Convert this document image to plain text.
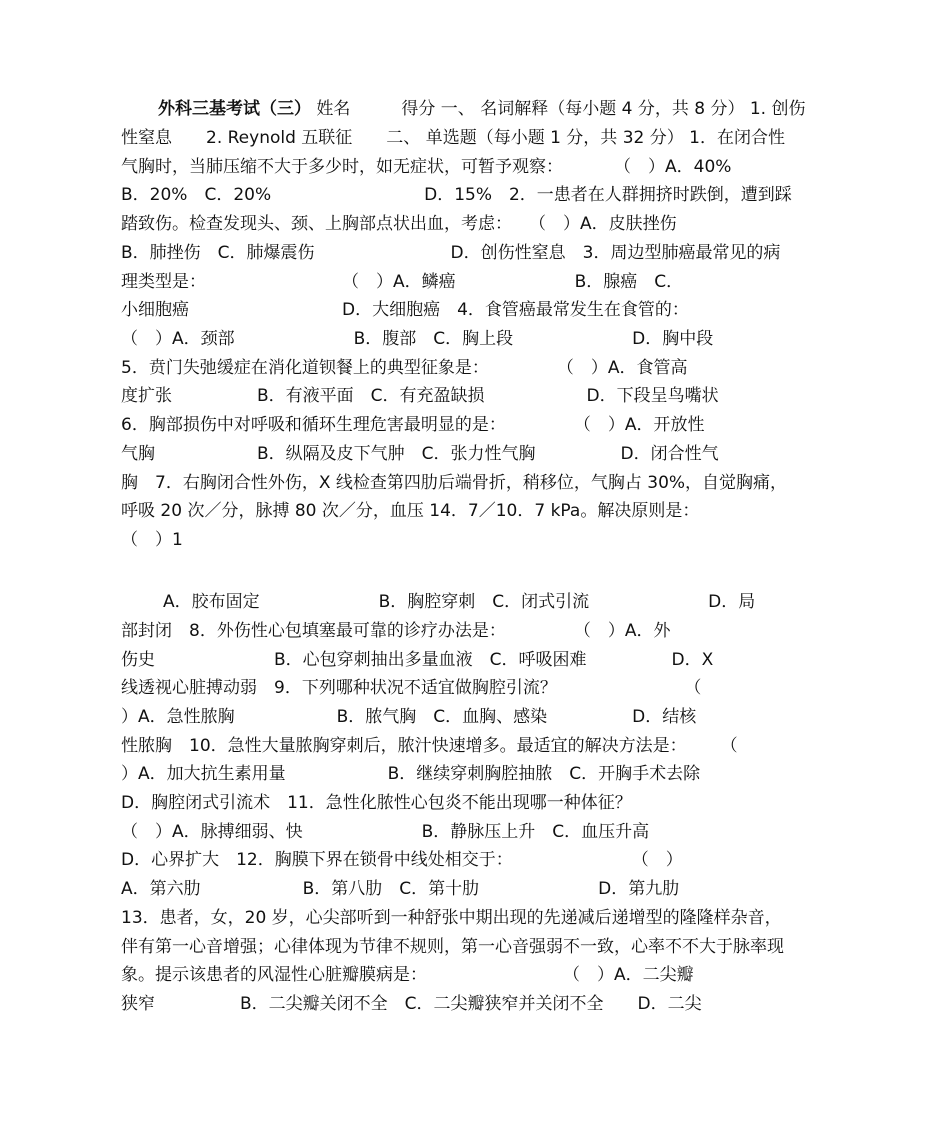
外科三基考试（三） 姓名　　　得分 一、 名词解释（每小题 4 分，共 8 分） 1. 创伤
性窒息　　2. Reynold 五联征　　二、 单选题（每小题 1 分，共 32 分） 1．在闭合性
气胸时，当肺压缩不大于多少时，如无症状，可暂予观察：　　　　（　）A．40%
B．20%　C．20%　　　　　　　　　D．15%　2．一患者在人群拥挤时跌倒，遭到踩
踏致伤。检查发现头、颈、上胸部点状出血，考虑：　　（　）A．皮肤挫伤
B．肺挫伤　C．肺爆震伤　　　　　　　　D．创伤性窒息　3．周边型肺癌最常见的病
理类型是：　　　　　　　　　（　）A．鳞癌　　　　　　　B．腺癌　C．
小细胞癌　　　　　　　　　D．大细胞癌　4．食管癌最常发生在食管的：
（　）A．颈部　　　　　　　B．腹部　C．胸上段　　　　　　　D．胸中段
5．贲门失弛缓症在消化道钡餐上的典型征象是：　　　　　（　）A．食管高
度扩张　　　　　B．有液平面　C．有充盈缺损　　　　　　D．下段呈鸟嘴状
6．胸部损伤中对呼吸和循环生理危害最明显的是：　　　　　（　）A．开放性
气胸　　　　　　B．纵隔及皮下气肿　C．张力性气胸　　　　　D．闭合性气
胸　7．右胸闭合性外伤，X 线检查第四肋后端骨折，稍移位，气胸占 30%，自觉胸痛，
呼吸 20 次／分，脉搏 80 次／分，血压 14．7／10．7 kPa。解决原则是：
（　）1
A．胶布固定　　　　　　　B．胸腔穿刺　C．闭式引流　　　　　　　D．局
部封闭　8．外伤性心包填塞最可靠的诊疗办法是：　　　　　（　）A．外
伤史　　　　　　　B．心包穿刺抽出多量血液　C．呼吸困难　　　　　D．X
线透视心脏搏动弱　9．下列哪种状况不适宜做胸腔引流？　　　　　　　　（
）A．急性脓胸　　　　　　B．脓气胸　C．血胸、感染　　　　　D．结核
性脓胸　10．急性大量脓胸穿刺后，脓汁快速增多。最适宜的解决方法是：　　　（
）A．加大抗生素用量　　　　　　B．继续穿刺胸腔抽脓　C．开胸手术去除
D．胸腔闭式引流术　11．急性化脓性心包炎不能出现哪一种体征？
（　）A．脉搏细弱、快　　　　　　　B．静脉压上升　C．血压升高
D．心界扩大　12．胸膜下界在锁骨中线处相交于：　　　　　　　　（　）
A．第六肋　　　　　　B．第八肋　C．第十肋　　　　　　　D．第九肋
13．患者，女，20 岁，心尖部听到一种舒张中期出现的先递减后递增型的隆隆样杂音，
伴有第一心音增强；心律体现为节律不规则，第一心音强弱不一致，心率不不大于脉率现
象。提示该患者的风湿性心脏瓣膜病是：　　　　　　　　　（　）A．二尖瓣
狭窄　　　　　B．二尖瓣关闭不全　C．二尖瓣狭窄并关闭不全　　D．二尖
